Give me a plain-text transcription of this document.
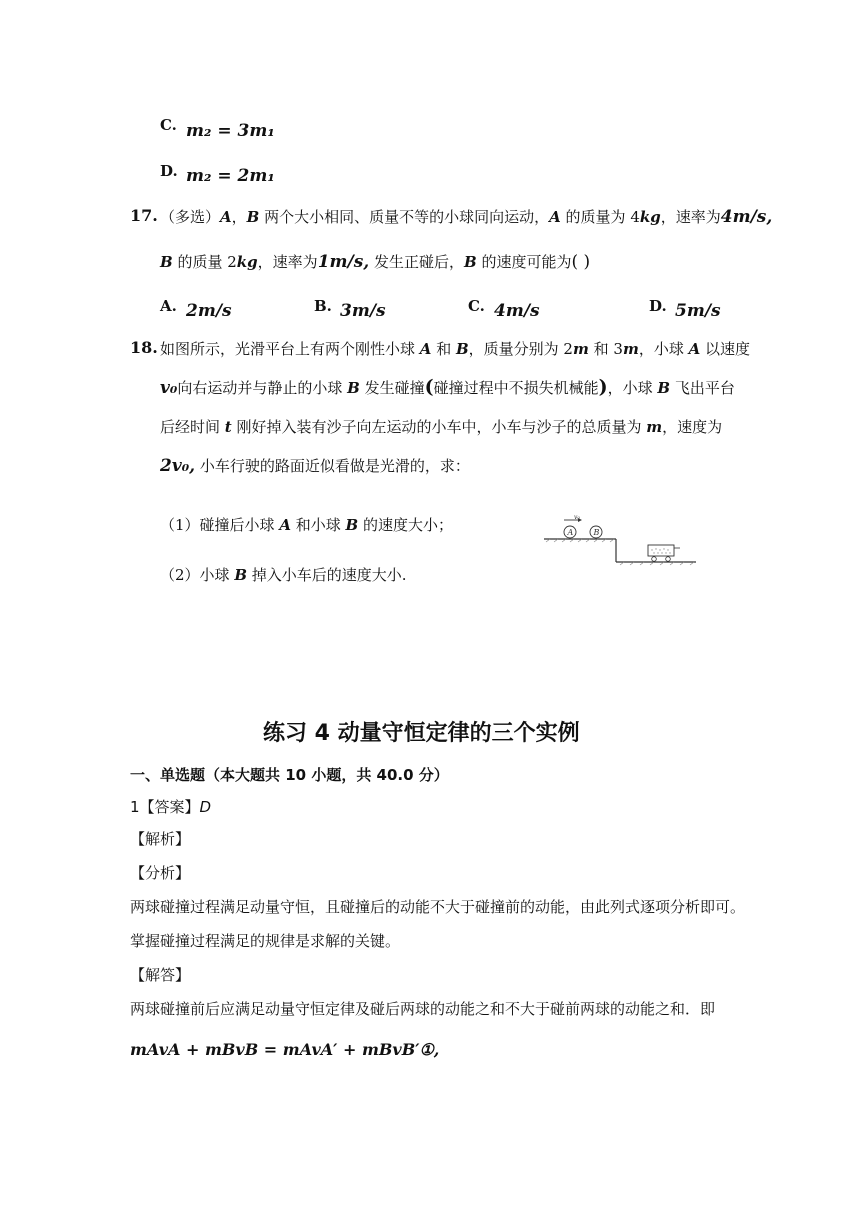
C. m₂ = 3m₁
D. m₂ = 2m₁
17. （多选）A，B 两个大小相同、质量不等的小球同向运动，A 的质量为 4kg，速率为4m/s,
B 的质量 2kg，速率为1m/s, 发生正碰后，B 的速度可能为( )
A. 2m/s	B. 3m/s	C. 4m/s	D. 5m/s
18. 如图所示，光滑平台上有两个刚性小球 A 和 B，质量分别为 2m 和 3m，小球 A 以速度
v₀向右运动并与静止的小球 B 发生碰撞(碰撞过程中不损失机械能)，小球 B 飞出平台
后经时间 t 刚好掉入装有沙子向左运动的小车中，小车与沙子的总质量为 m，速度为
2v₀, 小车行驶的路面近似看做是光滑的，求：
（1）碰撞后小球 A 和小球 B 的速度大小；
（2）小球 B 掉入小车后的速度大小.
v₀
A	B
练习 4 动量守恒定律的三个实例
一、单选题（本大题共 10 小题，共 40.0 分）
1【答案】D
【解析】
【分析】
两球碰撞过程满足动量守恒，且碰撞后的动能不大于碰撞前的动能，由此列式逐项分析即可。
掌握碰撞过程满足的规律是求解的关键。
【解答】
两球碰撞前后应满足动量守恒定律及碰后两球的动能之和不大于碰前两球的动能之和．即
mAvA + mBvB = mAvA′ + mBvB′①,
